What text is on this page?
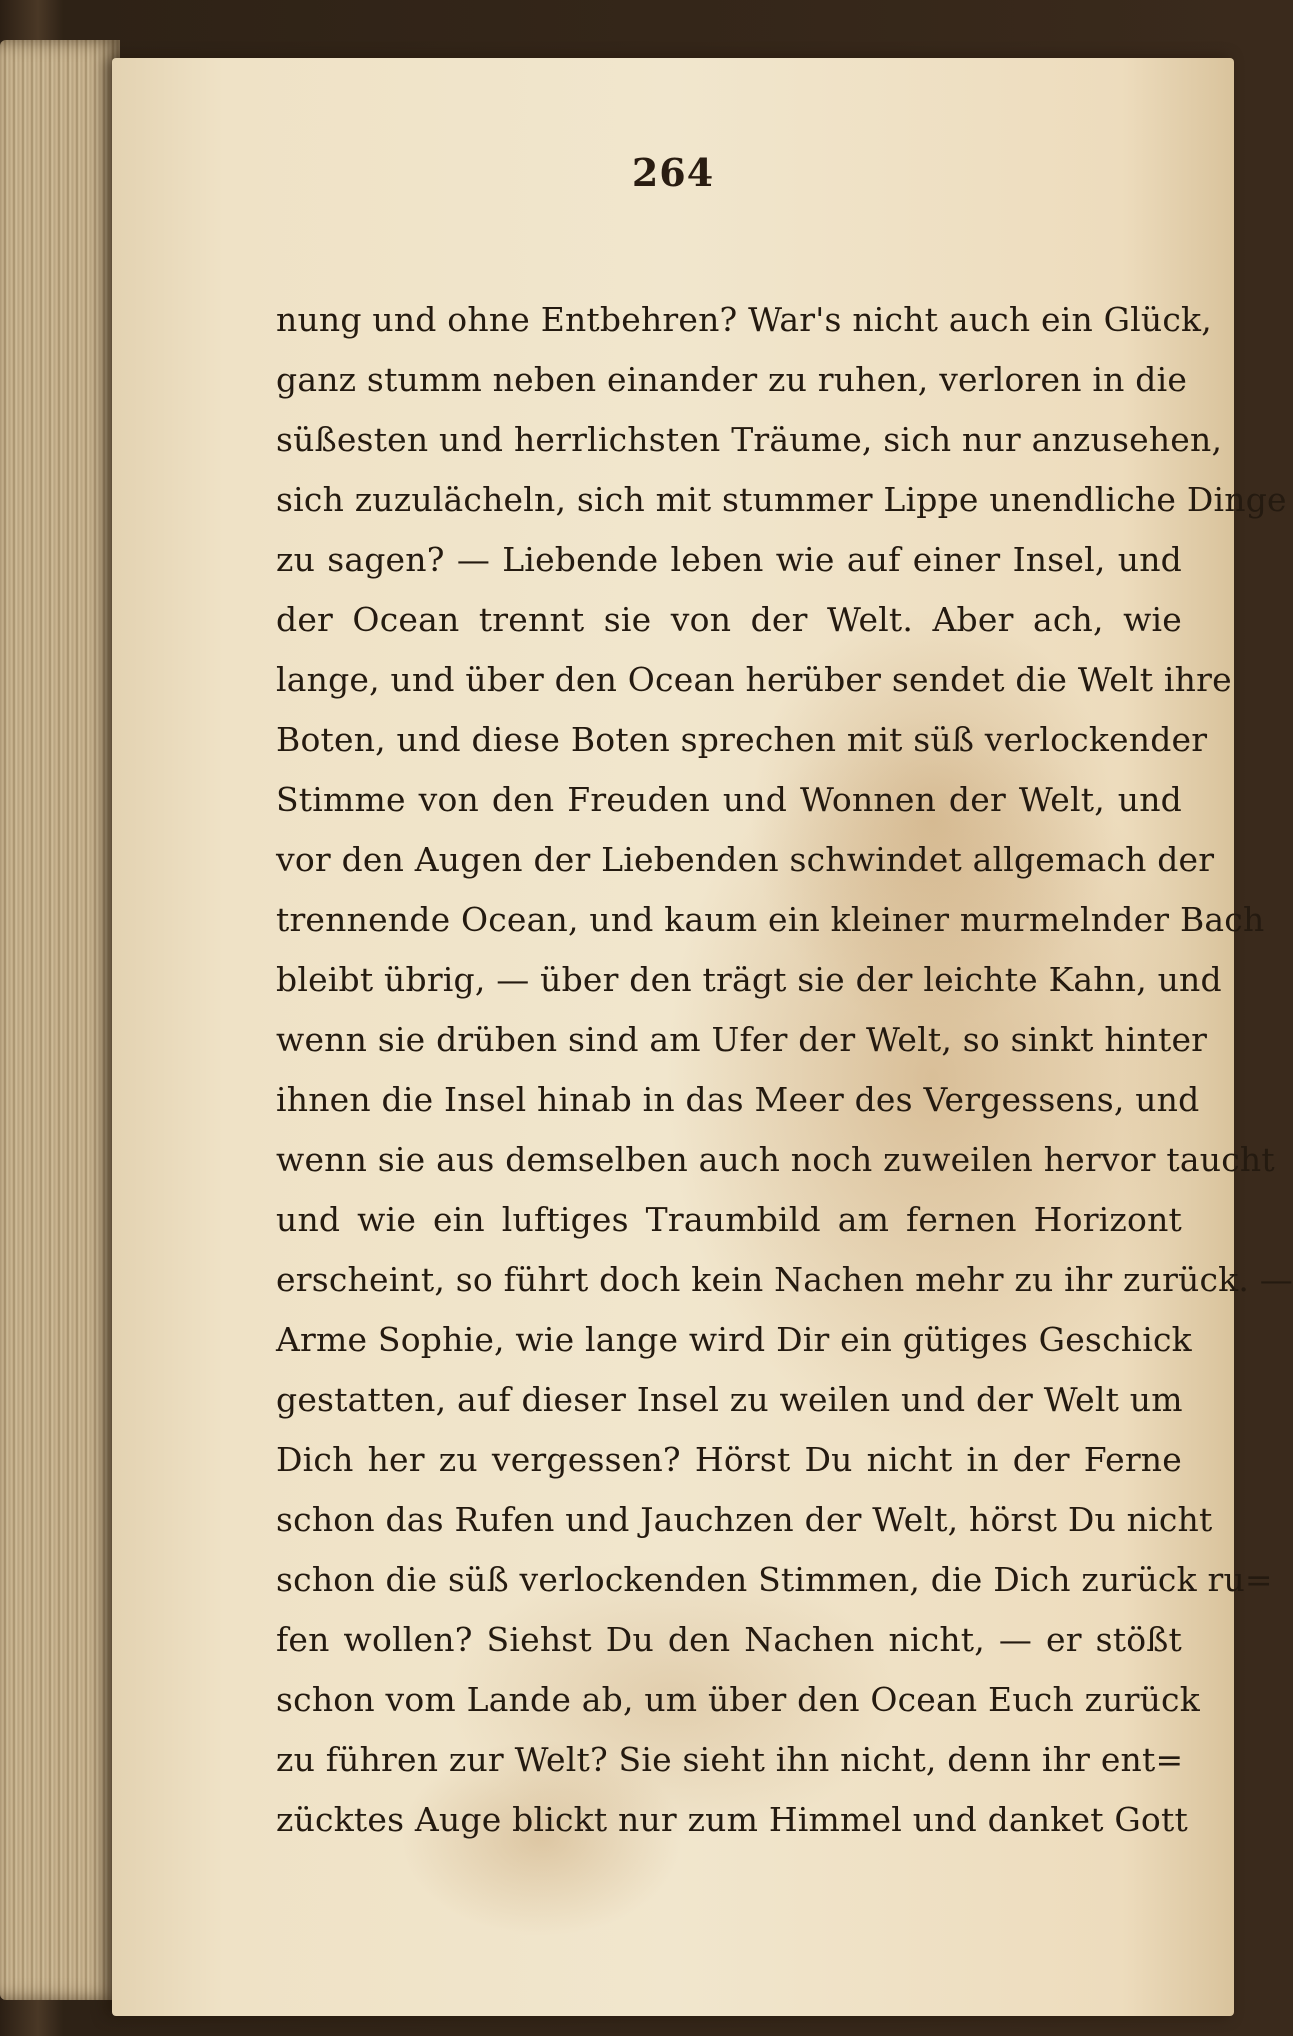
264
nung und ohne Entbehren? War's nicht auch ein Glück,
ganz stumm neben einander zu ruhen, verloren in die
süßesten und herrlichsten Träume, sich nur anzusehen,
sich zuzulächeln, sich mit stummer Lippe unendliche Dinge
zu sagen? — Liebende leben wie auf einer Insel, und
der Ocean trennt sie von der Welt. Aber ach, wie
lange, und über den Ocean herüber sendet die Welt ihre
Boten, und diese Boten sprechen mit süß verlockender
Stimme von den Freuden und Wonnen der Welt, und
vor den Augen der Liebenden schwindet allgemach der
trennende Ocean, und kaum ein kleiner murmelnder Bach
bleibt übrig, — über den trägt sie der leichte Kahn, und
wenn sie drüben sind am Ufer der Welt, so sinkt hinter
ihnen die Insel hinab in das Meer des Vergessens, und
wenn sie aus demselben auch noch zuweilen hervor taucht
und wie ein luftiges Traumbild am fernen Horizont
erscheint, so führt doch kein Nachen mehr zu ihr zurück. —
Arme Sophie, wie lange wird Dir ein gütiges Geschick
gestatten, auf dieser Insel zu weilen und der Welt um
Dich her zu vergessen? Hörst Du nicht in der Ferne
schon das Rufen und Jauchzen der Welt, hörst Du nicht
schon die süß verlockenden Stimmen, die Dich zurück ru=
fen wollen? Siehst Du den Nachen nicht, — er stößt
schon vom Lande ab, um über den Ocean Euch zurück
zu führen zur Welt? Sie sieht ihn nicht, denn ihr ent=
zücktes Auge blickt nur zum Himmel und danket Gott
